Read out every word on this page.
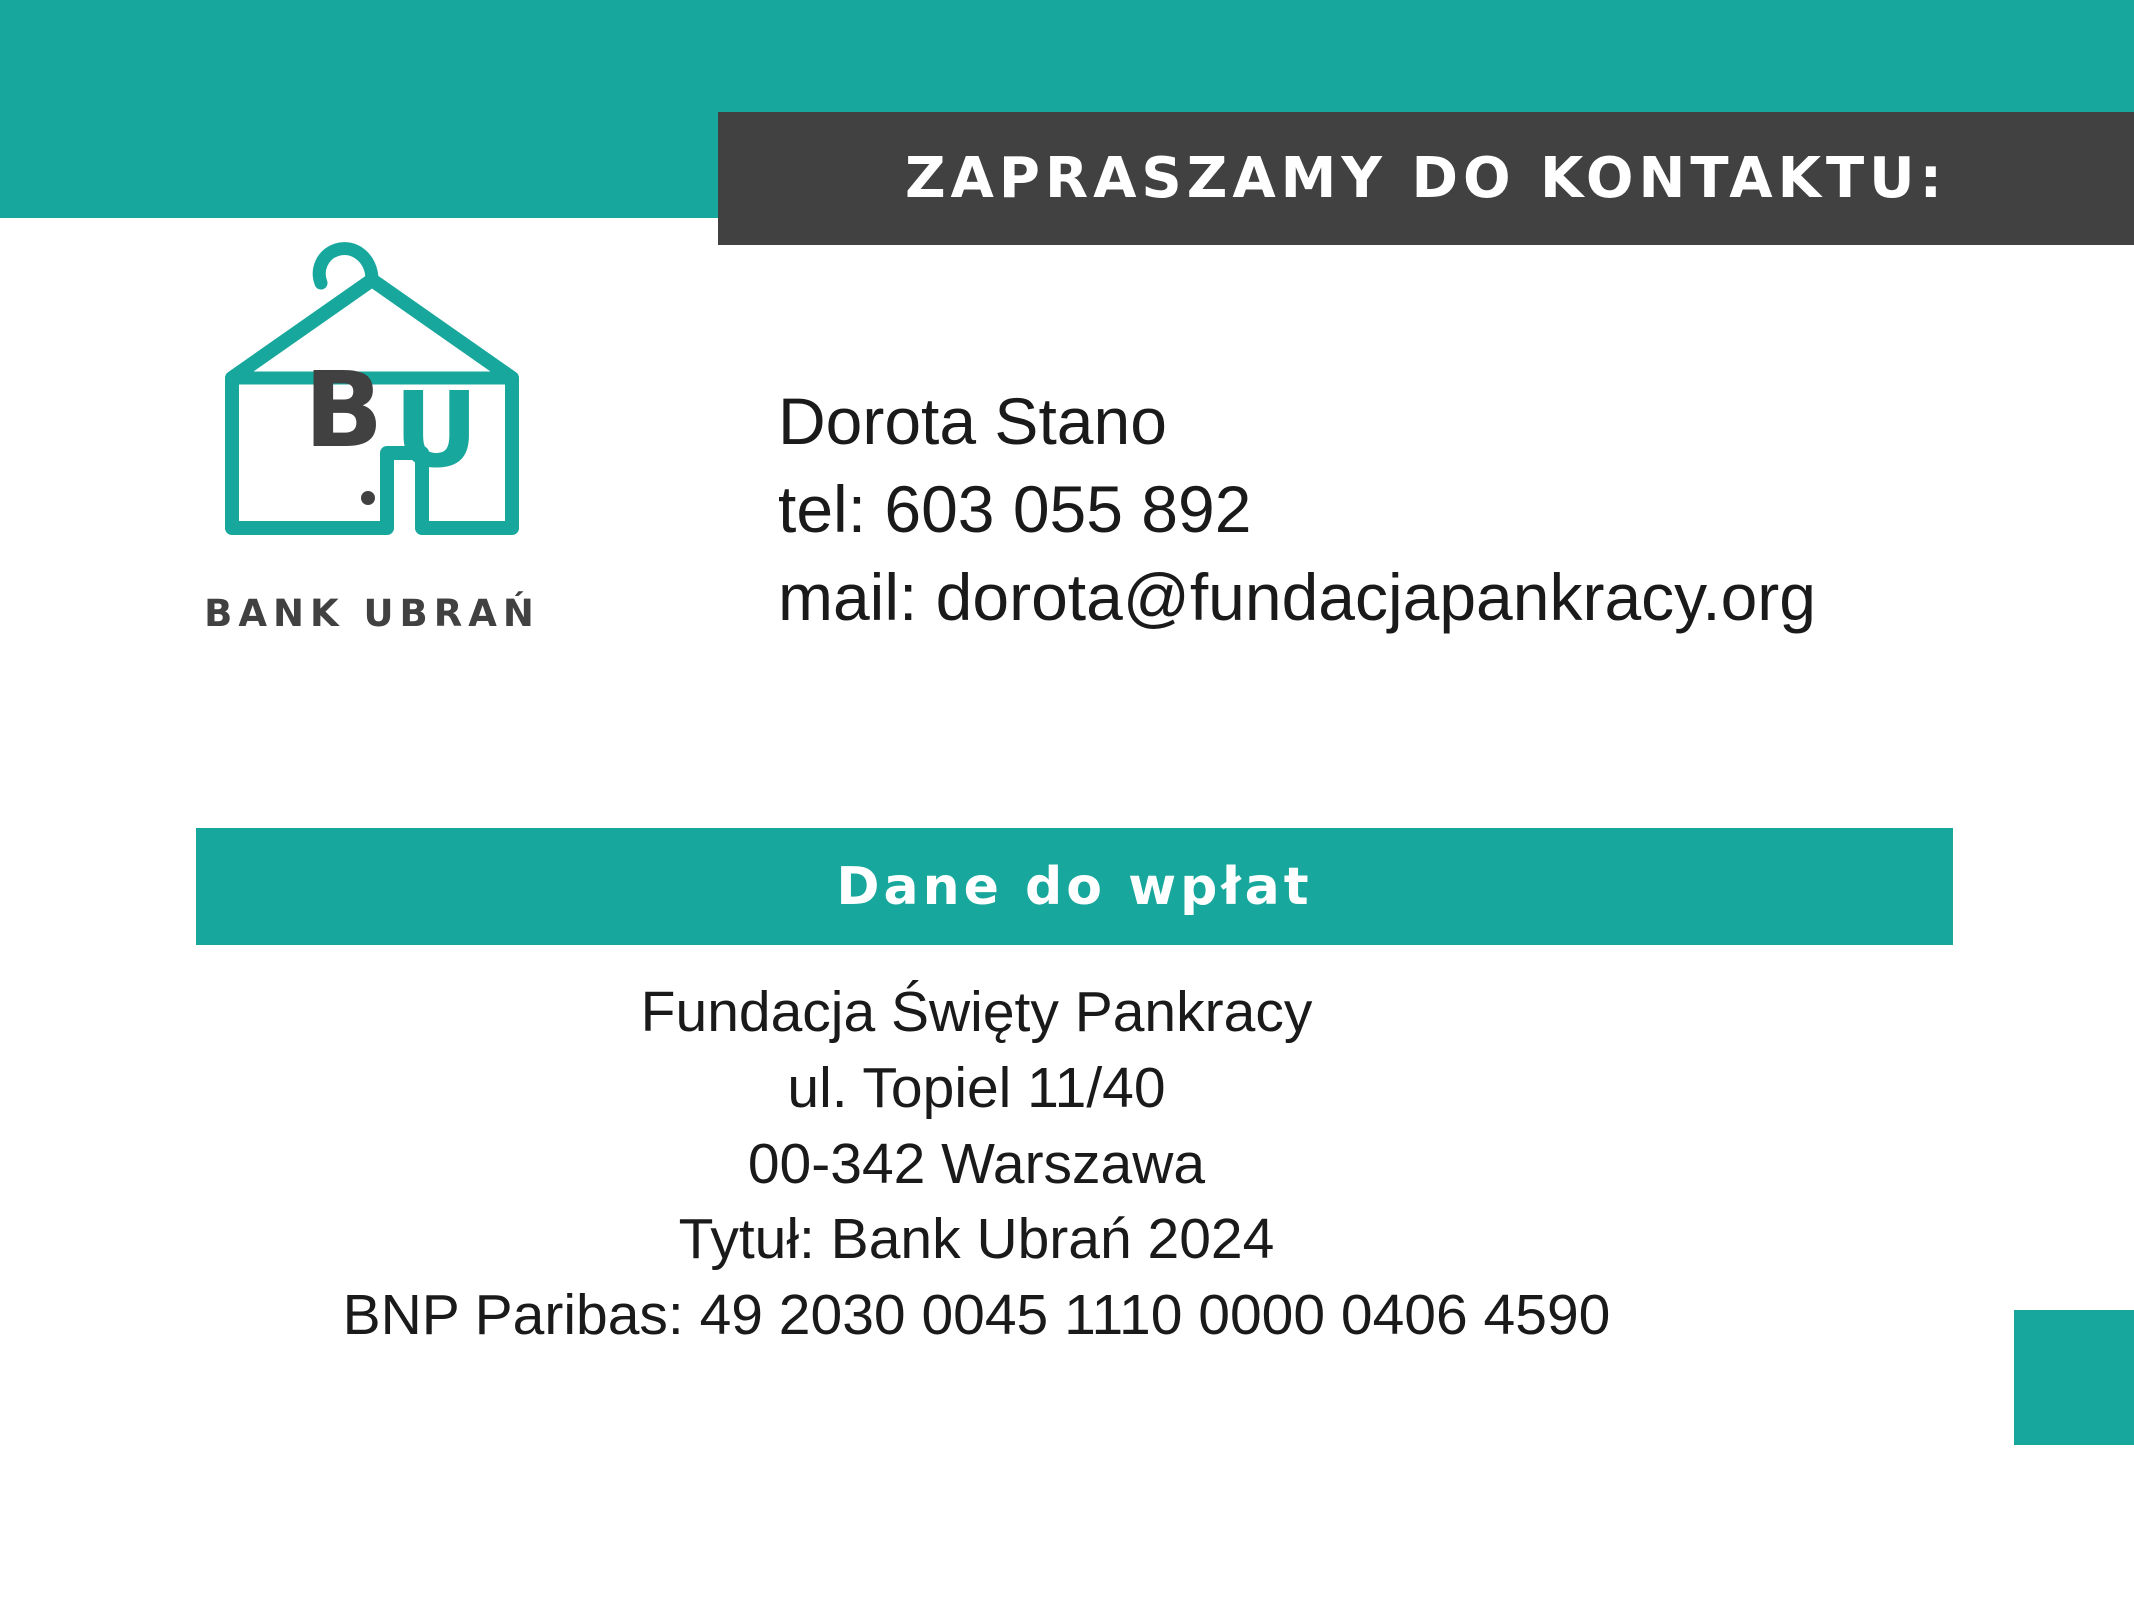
ZAPRASZAMY DO KONTAKTU:
B U
BANK UBRAŃ
Dorota Stano
tel: 603 055 892
mail: dorota@fundacjapankracy.org
Dane do wpłat
Fundacja Święty Pankracy
ul. Topiel 11/40
00-342 Warszawa
Tytuł: Bank Ubrań 2024
BNP Paribas: 49 2030 0045 1110 0000 0406 4590
